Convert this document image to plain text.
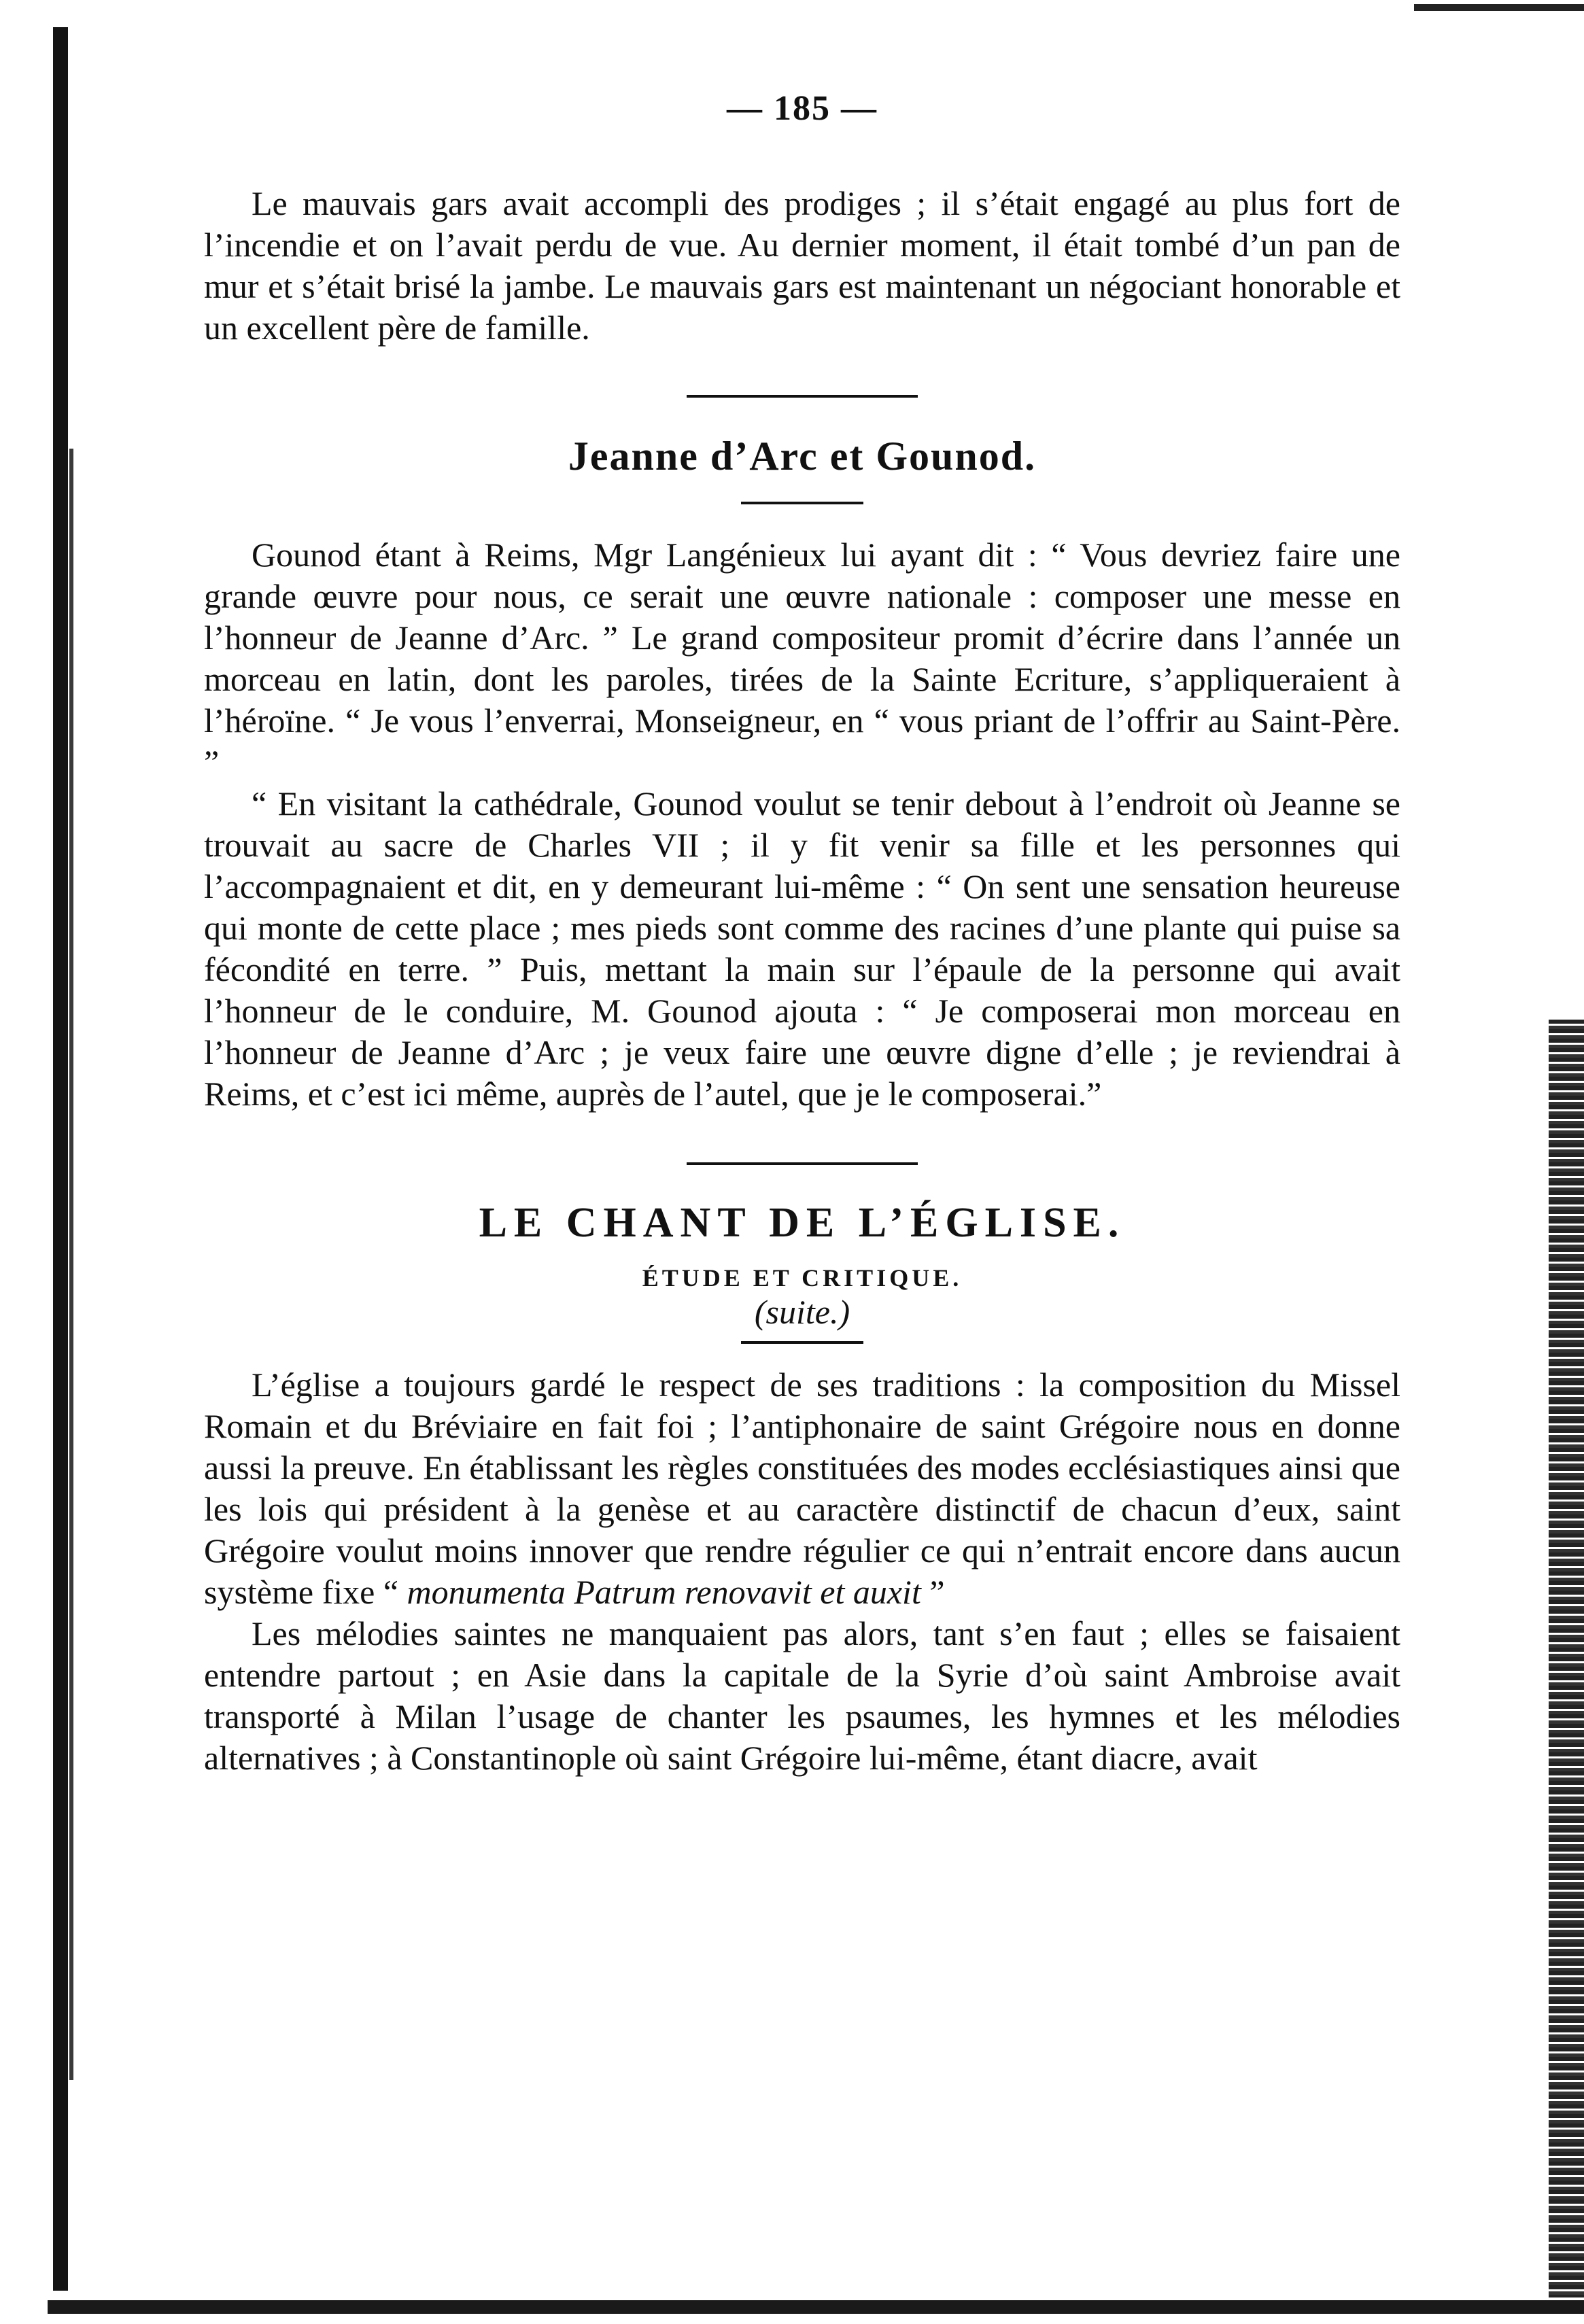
— 185 —

Le mauvais gars avait accompli des prodiges ; il s’était engagé au plus fort de l’incendie et on l’avait perdu de vue. Au dernier moment, il était tombé d’un pan de mur et s’était brisé la jambe. Le mauvais gars est maintenant un négociant honorable et un excellent père de famille.

Jeanne d’Arc et Gounod.

Gounod étant à Reims, Mgr Langénieux lui ayant dit : “ Vous devriez faire une grande œuvre pour nous, ce serait une œuvre nationale : composer une messe en l’honneur de Jeanne d’Arc. ” Le grand compositeur promit d’écrire dans l’année un morceau en latin, dont les paroles, tirées de la Sainte Ecriture, s’appliqueraient à l’héroïne. “ Je vous l’enverrai, Monseigneur, en “ vous priant de l’offrir au Saint-Père. ”

“ En visitant la cathédrale, Gounod voulut se tenir debout à l’endroit où Jeanne se trouvait au sacre de Charles VII ; il y fit venir sa fille et les personnes qui l’accompagnaient et dit, en y demeurant lui-même : “ On sent une sensation heureuse qui monte de cette place ; mes pieds sont comme des racines d’une plante qui puise sa fécondité en terre. ” Puis, mettant la main sur l’épaule de la personne qui avait l’honneur de le conduire, M. Gounod ajouta : “ Je composerai mon morceau en l’honneur de Jeanne d’Arc ; je veux faire une œuvre digne d’elle ; je reviendrai à Reims, et c’est ici même, auprès de l’autel, que je le composerai.”

LE CHANT DE L’ÉGLISE.
ÉTUDE ET CRITIQUE.
(suite.)

L’église a toujours gardé le respect de ses traditions : la composition du Missel Romain et du Bréviaire en fait foi ; l’antiphonaire de saint Grégoire nous en donne aussi la preuve. En établissant les règles constituées des modes ecclésiastiques ainsi que les lois qui président à la genèse et au caractère distinctif de chacun d’eux, saint Grégoire voulut moins innover que rendre régulier ce qui n’entrait encore dans aucun système fixe “ monumenta Patrum renovavit et auxit ”

Les mélodies saintes ne manquaient pas alors, tant s’en faut ; elles se faisaient entendre partout ; en Asie dans la capitale de la Syrie d’où saint Ambroise avait transporté à Milan l’usage de chanter les psaumes, les hymnes et les mélodies alternatives ; à Constantinople où saint Grégoire lui-même, étant diacre, avait
